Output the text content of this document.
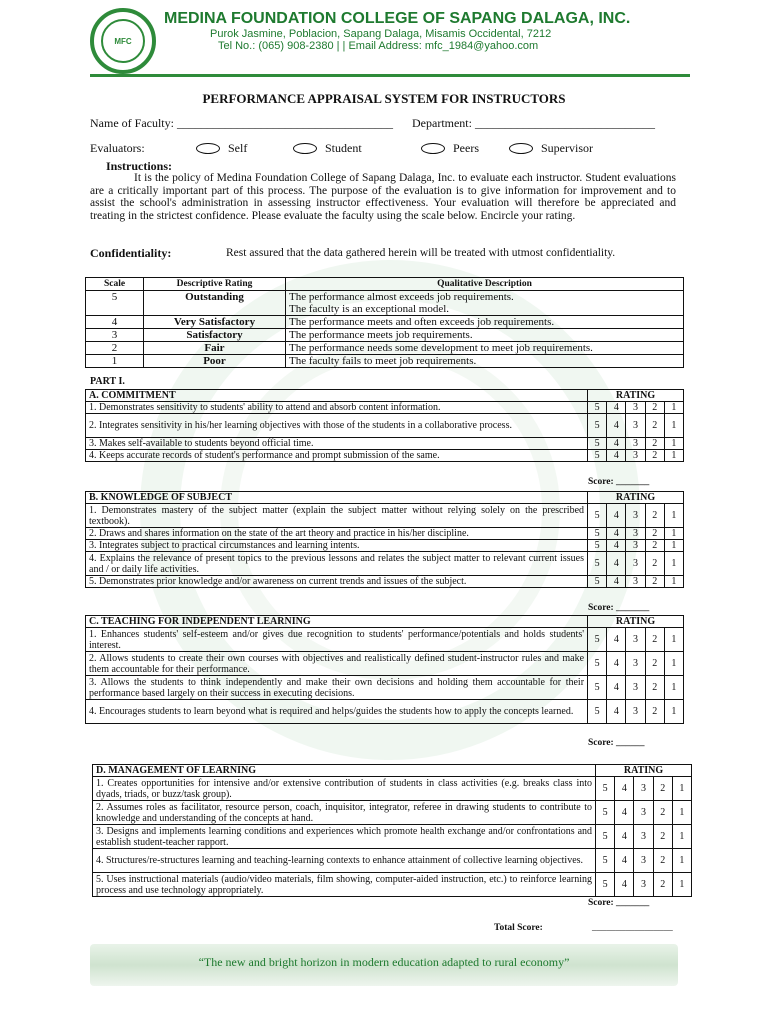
MFC
MEDINA FOUNDATION COLLEGE OF SAPANG DALAGA, INC.
Purok Jasmine, Poblacion, Sapang Dalaga, Misamis Occidental, 7212
Tel No.: (065) 908-2380 | | Email Address: mfc_1984@yahoo.com
PERFORMANCE APPRAISAL SYSTEM FOR INSTRUCTORS
Name of Faculty: ____________________________________ Department: ______________________________
Evaluators:	Self	Student	Peers	Supervisor
Instructions:
It is the policy of Medina Foundation College of Sapang Dalaga, Inc. to evaluate each instructor. Student evaluations are a critically important part of this process. The purpose of the evaluation is to give information for improvement and to assist the school's administration in assessing instructor effectiveness. Your evaluation will therefore be appreciated and treating in the strictest confidence. Please evaluate the faculty using the scale below. Encircle your rating.
Confidentiality:	Rest assured that the data gathered herein will be treated with utmost confidentiality.
Scale	Descriptive Rating	Qualitative Description
5	Outstanding	The performance almost exceeds job requirements.
The faculty is an exceptional model.

4	Very Satisfactory	The performance meets and often exceeds job requirements.
3	Satisfactory	The performance meets job requirements.
2	Fair	The performance needs some development to meet job requirements.
1	Poor	The faculty fails to meet job requirements.
PART I.
A. COMMITMENT	RATING				
1. Demonstrates sensitivity to students' ability to attend and absorb content information.	5	4	3	2	1
2. Integrates sensitivity in his/her learning objectives with those of the students in a collaborative process.	5	4	3	2	1
3. Makes self-available to students beyond official time.	5	4	3	2	1
4. Keeps accurate records of student's performance and prompt submission of the same.	5	4	3	2	1
Score: _______
B. KNOWLEDGE OF SUBJECT	RATING				
1. Demonstrates mastery of the subject matter (explain the subject matter without relying solely on the prescribed textbook).	5	4	3	2	1
2. Draws and shares information on the state of the art theory and practice in his/her discipline.	5	4	3	2	1
3. Integrates subject to practical circumstances and learning intents.	5	4	3	2	1
4. Explains the relevance of present topics to the previous lessons and relates the subject matter to relevant current issues and / or daily life activities.	5	4	3	2	1
5. Demonstrates prior knowledge and/or awareness on current trends and issues of the subject.	5	4	3	2	1
Score: _______
C. TEACHING FOR INDEPENDENT LEARNING	RATING				
1. Enhances students' self-esteem and/or gives due recognition to students' performance/potentials and holds students' interest.	5	4	3	2	1
2. Allows students to create their own courses with objectives and realistically defined student-instructor rules and make them accountable for their performance.	5	4	3	2	1
3. Allows the students to think independently and make their own decisions and holding them accountable for their performance based largely on their success in executing decisions.	5	4	3	2	1
4. Encourages students to learn beyond what is required and helps/guides the students how to apply the concepts learned.	5	4	3	2	1
Score: ______
D. MANAGEMENT OF LEARNING	RATING				
1. Creates opportunities for intensive and/or extensive contribution of students in class activities (e.g. breaks class into dyads, triads, or buzz/task group).	5	4	3	2	1
2. Assumes roles as facilitator, resource person, coach, inquisitor, integrator, referee in drawing students to contribute to knowledge and understanding of the concepts at hand.	5	4	3	2	1
3. Designs and implements learning conditions and experiences which promote health exchange and/or confrontations and establish student-teacher rapport.	5	4	3	2	1
4. Structures/re-structures learning and teaching-learning contexts to enhance attainment of collective learning objectives.	5	4	3	2	1
5. Uses instructional materials (audio/video materials, film showing, computer-aided instruction, etc.) to reinforce learning process and use technology appropriately.	5	4	3	2	1
Score: _______
Total Score:	_________________
“The new and bright horizon in modern education adapted to rural economy”
